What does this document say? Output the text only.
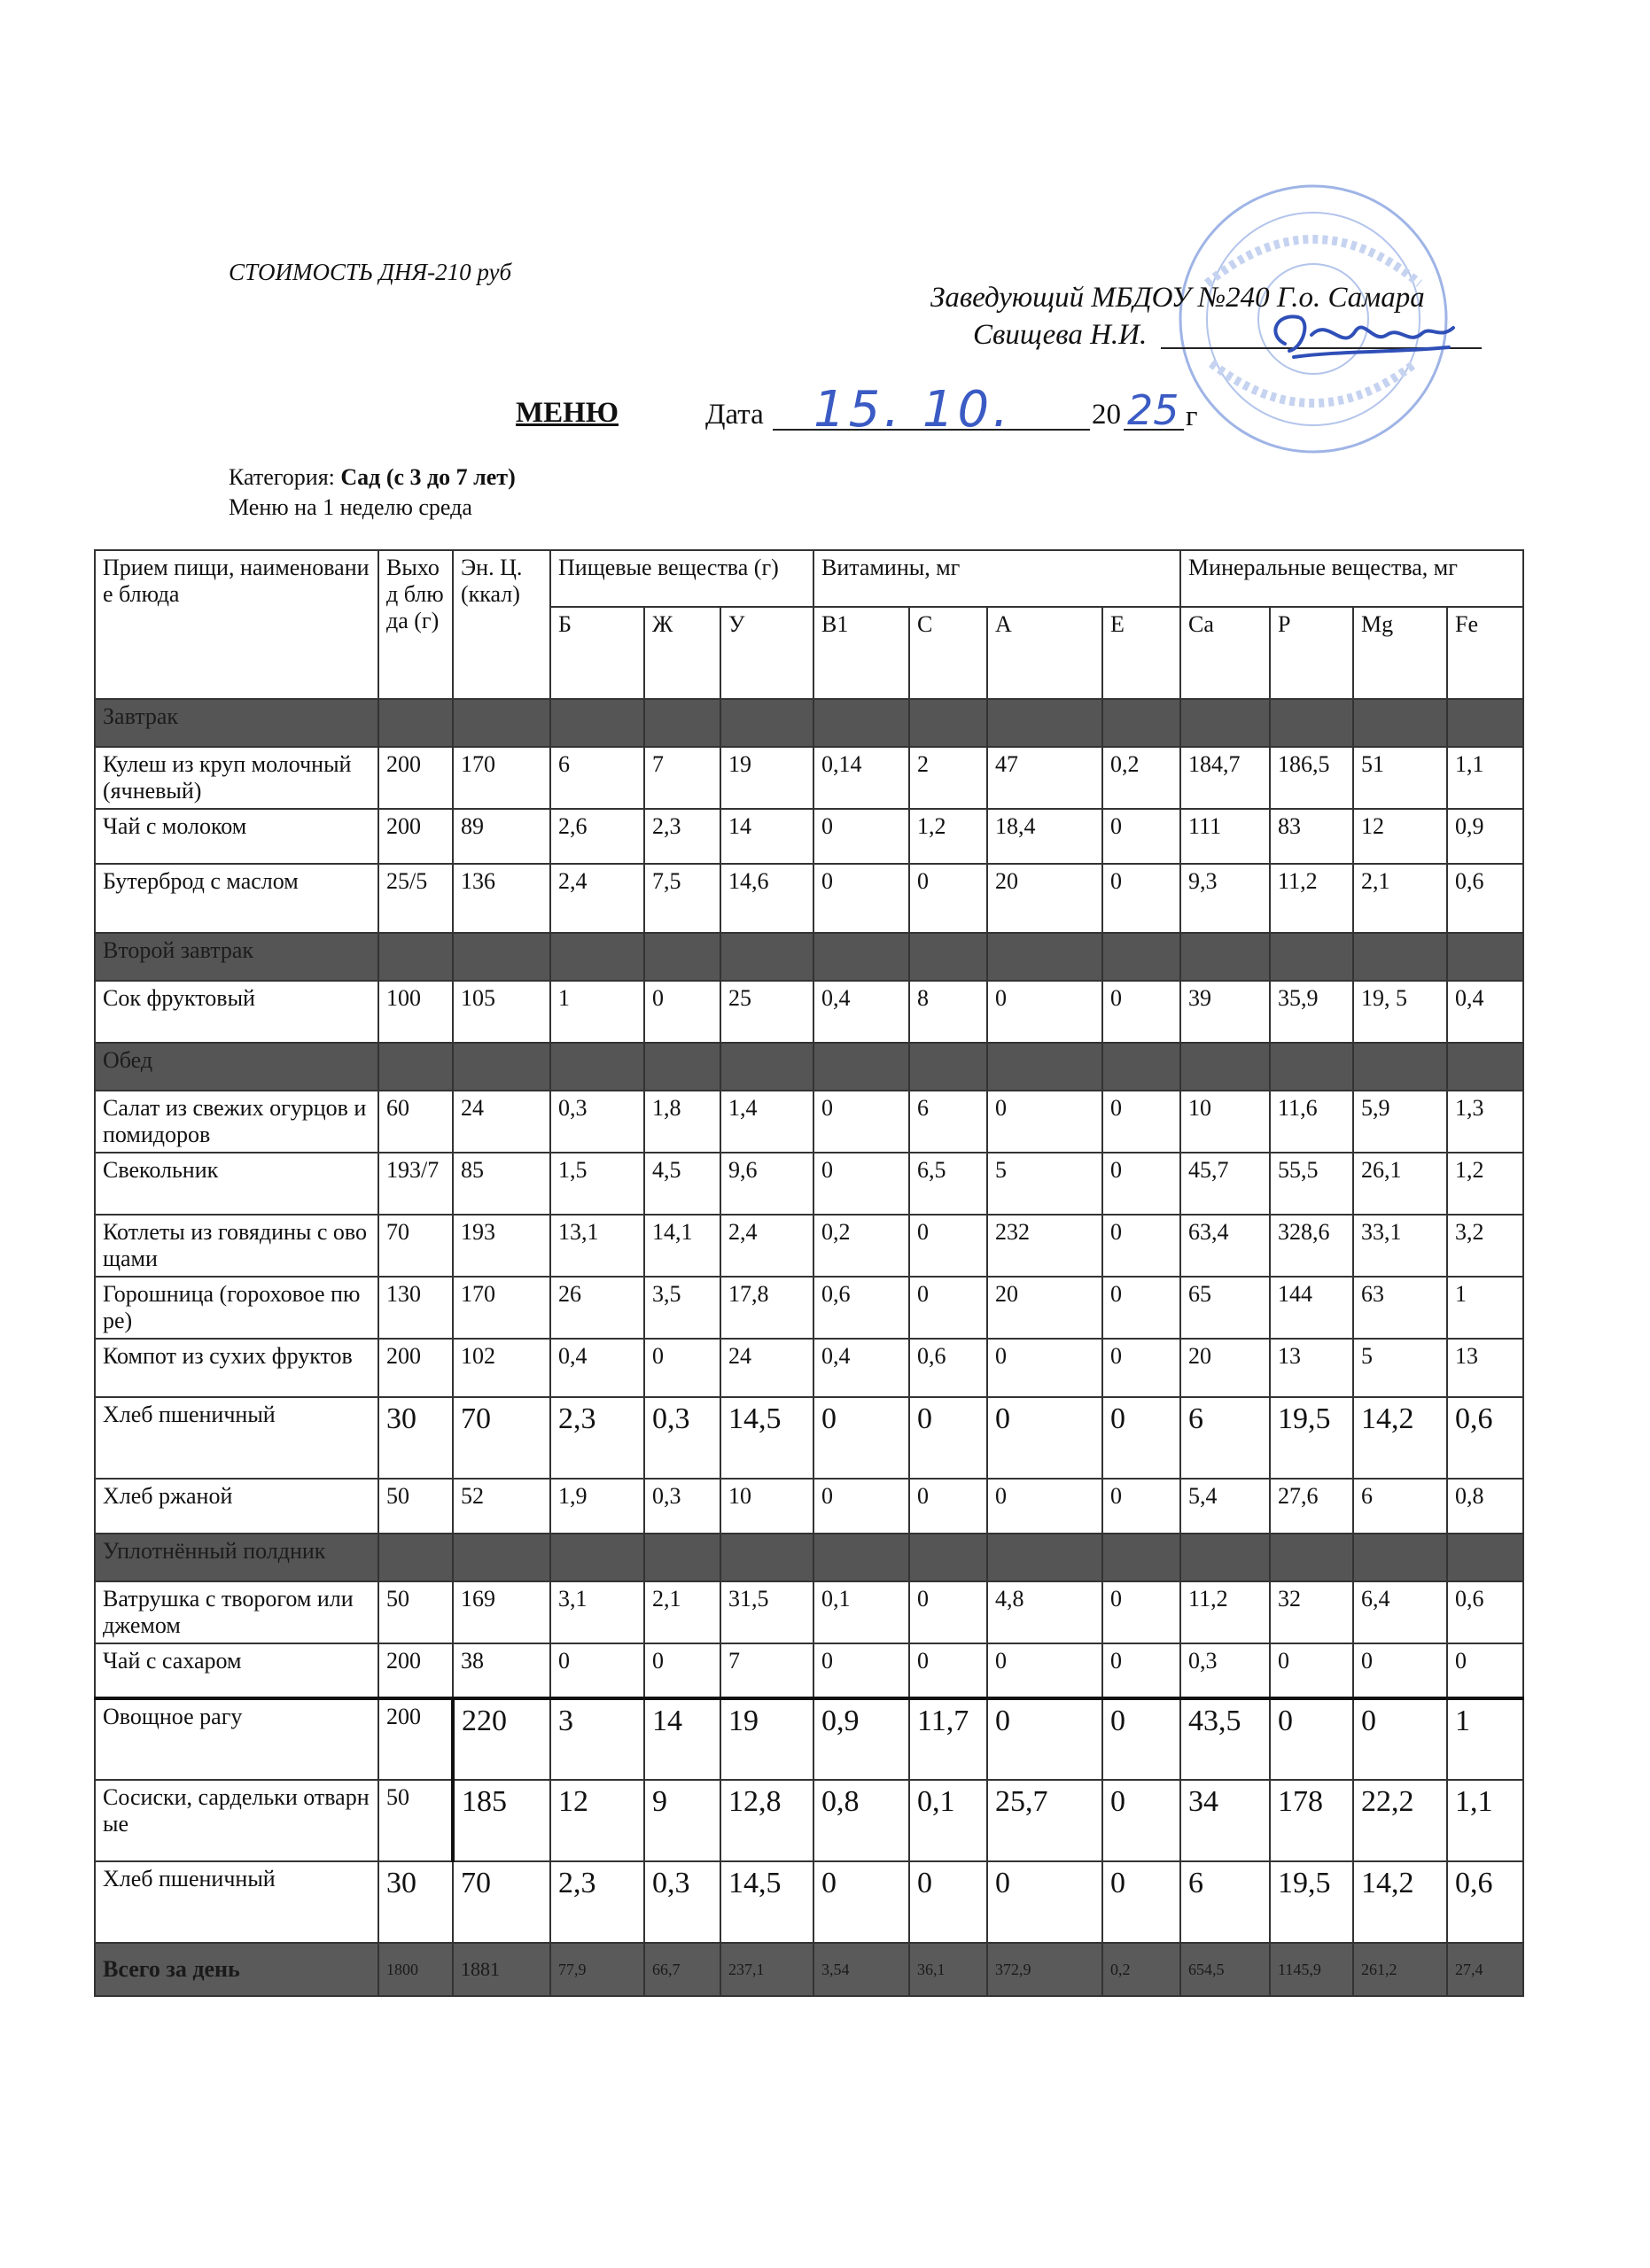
СТОИМОСТЬ ДНЯ-210 руб
Заведующий МБДОУ №240 Г.о. Самара
Свищева Н.И.
МЕНЮ	Дата 15. 10.	20 25 г
Категория: Сад (с 3 до 7 лет)
Меню на 1 неделю среда
Прием пищи, наименование блюда	Выход блюда (г)	Эн. Ц. (ккал)	Пищевые вещества (г)			Витамины, мг				Минеральные вещества, мг			
			Б	Ж	У	В1	С	А	Е	Са	Р	Mg	Fe
Завтрак													
Кулеш из круп молочный (ячневый)	200	170	6	7	19	0,14	2	47	0,2	184,7	186,5	51	1,1
Чай с молоком	200	89	2,6	2,3	14	0	1,2	18,4	0	111	83	12	0,9
Бутерброд с маслом	25/5	136	2,4	7,5	14,6	0	0	20	0	9,3	11,2	2,1	0,6
Второй завтрак													
Сок фруктовый	100	105	1	0	25	0,4	8	0	0	39	35,9	19, 5	0,4
Обед													
Салат из свежих огурцов и помидоров	60	24	0,3	1,8	1,4	0	6	0	0	10	11,6	5,9	1,3
Свекольник	193/7	85	1,5	4,5	9,6	0	6,5	5	0	45,7	55,5	26,1	1,2
Котлеты из говядины с овощами	70	193	13,1	14,1	2,4	0,2	0	232	0	63,4	328,6	33,1	3,2
Горошница (гороховое пюре)	130	170	26	3,5	17,8	0,6	0	20	0	65	144	63	1
Компот из сухих фруктов	200	102	0,4	0	24	0,4	0,6	0	0	20	13	5	13
Хлеб пшеничный	30	70	2,3	0,3	14,5	0	0	0	0	6	19,5	14,2	0,6
Хлеб ржаной	50	52	1,9	0,3	10	0	0	0	0	5,4	27,6	6	0,8
Уплотнённый полдник													
Ватрушка с творогом или джемом	50	169	3,1	2,1	31,5	0,1	0	4,8	0	11,2	32	6,4	0,6
Чай с сахаром	200	38	0	0	7	0	0	0	0	0,3	0	0	0
Овощное рагу	200	220	3	14	19	0,9	11,7	0	0	43,5	0	0	1
Сосиски, сардельки отварные	50	185	12	9	12,8	0,8	0,1	25,7	0	34	178	22,2	1,1
Хлеб пшеничный	30	70	2,3	0,3	14,5	0	0	0	0	6	19,5	14,2	0,6
Всего за день	1800	1881	77,9	66,7	237,1	3,54	36,1	372,9	0,2	654,5	1145,9	261,2	27,4
